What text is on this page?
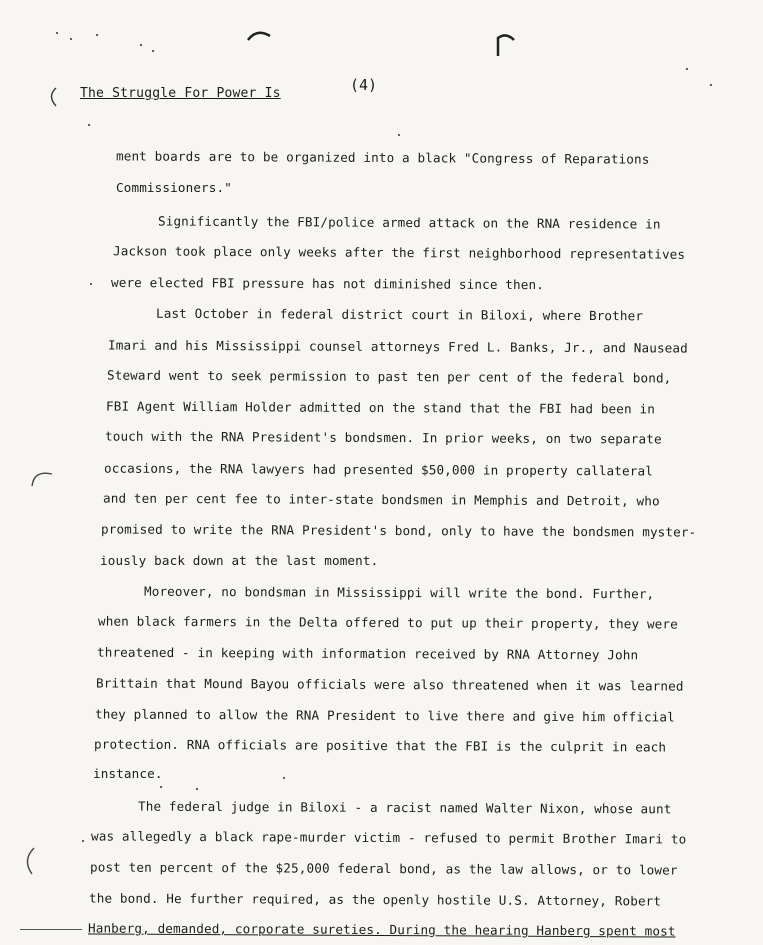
The Struggle For Power Is	(4)
ment boards are to be organized into a black "Congress of Reparations
Commissioners."
Significantly the FBI/police armed attack on the RNA residence in
Jackson took place only weeks after the first neighborhood representatives
were elected FBI pressure has not diminished since then.
Last October in federal district court in Biloxi, where Brother
Imari and his Mississippi counsel attorneys Fred L. Banks, Jr., and Nausead
Steward went to seek permission to past ten per cent of the federal bond,
FBI Agent William Holder admitted on the stand that the FBI had been in
touch with the RNA President's bondsmen. In prior weeks, on two separate
occasions, the RNA lawyers had presented $50,000 in property callateral
and ten per cent fee to inter-state bondsmen in Memphis and Detroit, who
promised to write the RNA President's bond, only to have the bondsmen myster-
iously back down at the last moment.
Moreover, no bondsman in Mississippi will write the bond. Further,
when black farmers in the Delta offered to put up their property, they were
threatened - in keeping with information received by RNA Attorney John
Brittain that Mound Bayou officials were also threatened when it was learned
they planned to allow the RNA President to live there and give him official
protection. RNA officials are positive that the FBI is the culprit in each
instance.
The federal judge in Biloxi - a racist named Walter Nixon, whose aunt
was allegedly a black rape-murder victim - refused to permit Brother Imari to
post ten percent of the $25,000 federal bond, as the law allows, or to lower
the bond. He further required, as the openly hostile U.S. Attorney, Robert
Hanberg, demanded, corporate sureties. During the hearing Hanberg spent most
